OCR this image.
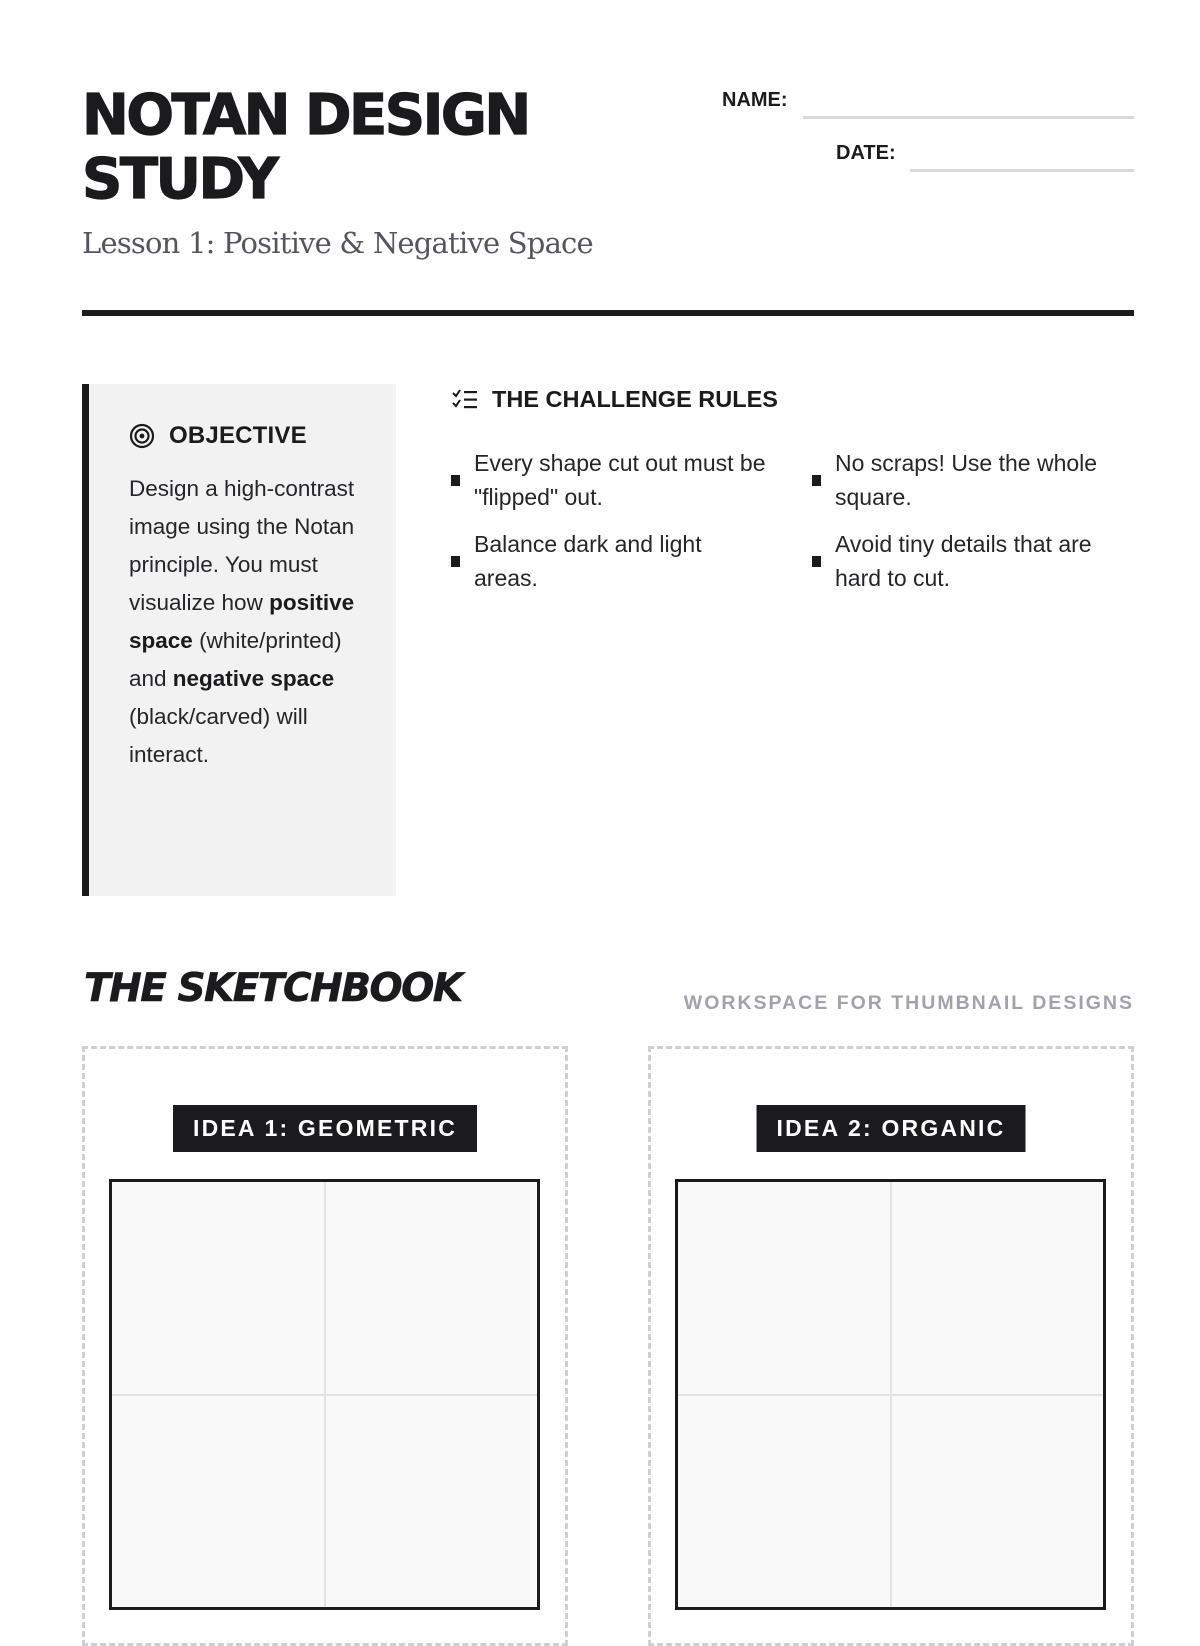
NOTAN DESIGN STUDY

Lesson 1: Positive & Negative Space

NAME:
DATE:
OBJECTIVE

Design a high-contrast image using the Notan principle. You must visualize how positive space (white/printed) and negative space (black/carved) will interact.

THE CHALLENGE RULES
Every shape cut out must be "flipped" out.
No scraps! Use the whole square.
Balance dark and light areas.
Avoid tiny details that are hard to cut.
THE SKETCHBOOK	WORKSPACE FOR THUMBNAIL DESIGNS
IDEA 1: GEOMETRIC	IDEA 2: ORGANIC
